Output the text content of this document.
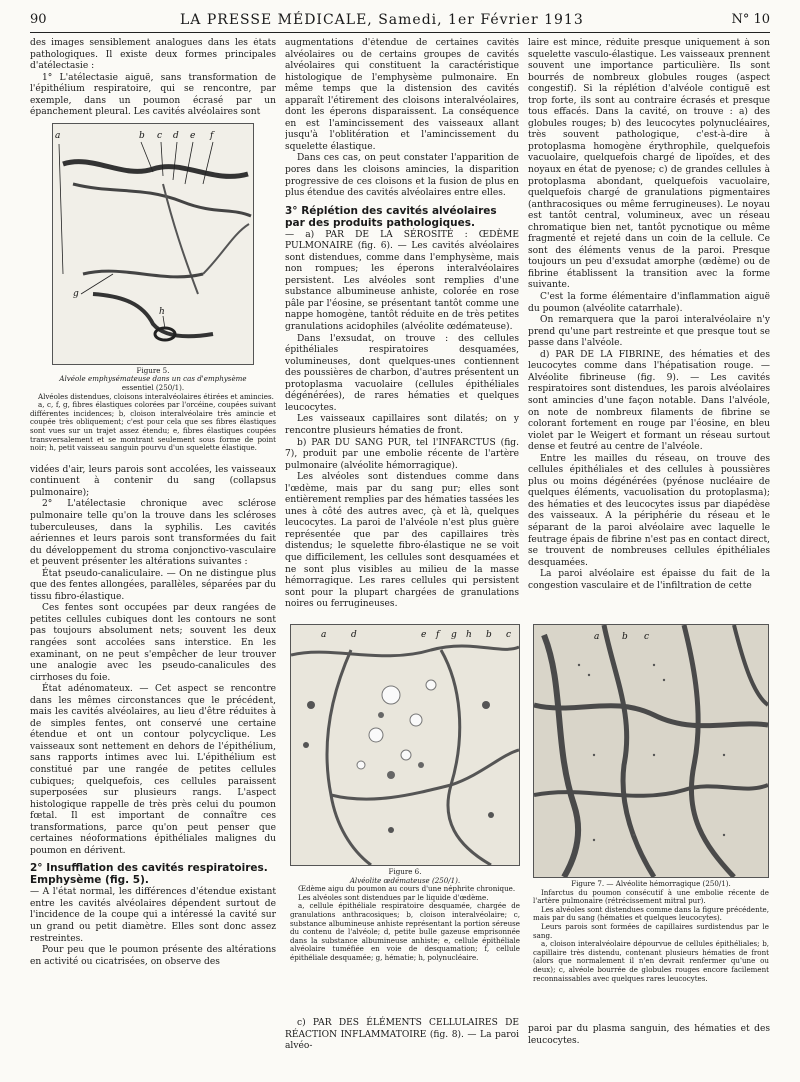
90	LA PRESSE MÉDICALE, Samedi, 1er Février 1913	N° 10

des images sensiblement analogues dans les états pathologiques. Il existe deux formes principales d'atélectasie :

1° L'atélectasie aiguë, sans transformation de l'épithélium respiratoire, qui se rencontre, par exemple, dans un poumon écrasé par un épanchement pleural. Les cavités alvéolaires sont

a	b c d e f
g
h

Figure 5.

Alvéole emphysémateuse dans un cas d'emphysème

essentiel (250/1).

Alvéoles distendues, cloisons interalvéolaires étirées et amincies.

a, c, f, g, fibres élastiques colorées par l'orcéine, coupées suivant différentes incidences; b, cloison interalvéolaire très amincie et coupée très obliquement; c'est pour cela que ses fibres élastiques sont vues sur un trajet assez étendu; e, fibres élastiques coupées transversalement et se montrant seulement sous forme de point noir; h, petit vaisseau sanguin pourvu d'un squelette élastique.

vidées d'air, leurs parois sont accolées, les vaisseaux continuent à contenir du sang (collapsus pulmonaire);

2° L'atélectasie chronique avec sclérose pulmonaire telle qu'on la trouve dans les scléroses tuberculeuses, dans la syphilis. Les cavités aériennes et leurs parois sont transformées du fait du développement du stroma conjonctivo-vasculaire et peuvent présenter les altérations suivantes :

État pseudo-canaliculaire. — On ne distingue plus que des fentes allongées, parallèles, séparées par du tissu fibro-élastique.

Ces fentes sont occupées par deux rangées de petites cellules cubiques dont les contours ne sont pas toujours absolument nets; souvent les deux rangées sont accolées sans interstice. En les examinant, on ne peut s'empêcher de leur trouver une analogie avec les pseudo-canalicules des cirrhoses du foie.

État adénomateux. — Cet aspect se rencontre dans les mêmes circonstances que le précédent, mais les cavités alvéolaires, au lieu d'être réduites à de simples fentes, ont conservé une certaine étendue et ont un contour polycyclique. Les vaisseaux sont nettement en dehors de l'épithélium, sans rapports intimes avec lui. L'épithélium est constitué par une rangée de petites cellules cubiques; quelquefois, ces cellules paraissent superposées sur plusieurs rangs. L'aspect histologique rappelle de très près celui du poumon fœtal. Il est important de connaître ces transformations, parce qu'on peut penser que certaines néoformations épithéliales malignes du poumon en dérivent.

2° Insufflation des cavités respiratoires. Emphysème (fig. 5).

— A l'état normal, les différences d'étendue existant entre les cavités alvéolaires dépendent surtout de l'incidence de la coupe qui a intéressé la cavité sur un grand ou petit diamètre. Elles sont donc assez restreintes.

Pour peu que le poumon présente des altérations en activité ou cicatrisées, on observe des

augmentations d'étendue de certaines cavités alvéolaires ou de certains groupes de cavités alvéolaires qui constituent la caractéristique histologique de l'emphysème pulmonaire. En même temps que la distension des cavités apparaît l'étirement des cloisons interalvéolaires, dont les éperons disparaissent. La conséquence en est l'amincissement des vaisseaux allant jusqu'à l'oblitération et l'amincissement du squelette élastique.

Dans ces cas, on peut constater l'apparition de pores dans les cloisons amincies, la disparition progressive de ces cloisons et la fusion de plus en plus étendue des cavités alvéolaires entre elles.

3° Réplétion des cavités alvéolaires par des produits pathologiques.

— a) PAR DE LA SÉROSITÉ : ŒDÈME PULMONAIRE (fig. 6). — Les cavités alvéolaires sont distendues, comme dans l'emphysème, mais non rompues; les éperons interalvéolaires persistent. Les alvéoles sont remplies d'une substance albumineuse anhiste, colorée en rose pâle par l'éosine, se présentant tantôt comme une nappe homogène, tantôt réduite en de très petites granulations acidophiles (alvéolite œdémateuse).

Dans l'exsudat, on trouve : des cellules épithéliales respiratoires desquamées, volumineuses, dont quelques-unes contiennent des poussières de charbon, d'autres présentent un protoplasma vacuolaire (cellules épithéliales dégénérées), de rares hématies et quelques leucocytes.

Les vaisseaux capillaires sont dilatés; on y rencontre plusieurs hématies de front.

b) PAR DU SANG PUR, tel l'INFARCTUS (fig. 7), produit par une embolie récente de l'artère pulmonaire (alvéolite hémorragique).

Les alvéoles sont distendues comme dans l'œdème, mais par du sang pur; elles sont entièrement remplies par des hématies tassées les unes à côté des autres avec, çà et là, quelques leucocytes. La paroi de l'alvéole n'est plus guère représentée que par des capillaires très distendus; le squelette fibro-élastique ne se voit que difficilement, les cellules sont desquamées et ne sont plus visibles au milieu de la masse hémorragique. Les rares cellules qui persistent sont pour la plupart chargées de granulations noires ou ferrugineuses.

laire est mince, réduite presque uniquement à son squelette vasculo-élastique. Les vaisseaux prennent souvent une importance particulière. Ils sont bourrés de nombreux globules rouges (aspect congestif). Si la réplétion d'alvéole contiguë est trop forte, ils sont au contraire écrasés et presque tous effacés. Dans la cavité, on trouve : a) des globules rouges; b) des leucocytes polynucléaires, très souvent pathologique, c'est-à-dire à protoplasma homogène érythrophile, quelquefois vacuolaire, quelquefois chargé de lipoïdes, et des noyaux en état de pyenose; c) de grandes cellules à protoplasma abondant, quelquefois vacuolaire, quelquefois chargé de granulations pigmentaires (anthracosiques ou même ferrugineuses). Le noyau est tantôt central, volumineux, avec un réseau chromatique bien net, tantôt pycnotique ou même fragmenté et rejeté dans un coin de la cellule. Ce sont des éléments venus de la paroi. Presque toujours un peu d'exsudat amorphe (œdème) ou de fibrine établissent la transition avec la forme suivante.

C'est la forme élémentaire d'inflammation aiguë du poumon (alvéolite catarrhale).

On remarquera que la paroi interalvéolaire n'y prend qu'une part restreinte et que presque tout se passe dans l'alvéole.

d) PAR DE LA FIBRINE, des hématies et des leucocytes comme dans l'hépatisation rouge. — Alvéolite fibrineuse (fig. 9). — Les cavités respiratoires sont distendues, les parois alvéolaires sont amincies d'une façon notable. Dans l'alvéole, on note de nombreux filaments de fibrine se colorant fortement en rouge par l'éosine, en bleu violet par le Weigert et formant un réseau surtout dense et feutré au centre de l'alvéole.

Entre les mailles du réseau, on trouve des cellules épithéliales et des cellules à poussières plus ou moins dégénérées (pyénose nucléaire de quelques éléments, vacuolisation du protoplasma); des hématies et des leucocytes issus par diapédèse des vaisseaux. A la périphérie du réseau et le séparant de la paroi alvéolaire avec laquelle le feutrage épais de fibrine n'est pas en contact direct, se trouvent de nombreuses cellules épithéliales desquamées.

La paroi alvéolaire est épaisse du fait de la congestion vasculaire et de l'infiltration de cette

a	d	e f g h b c

Figure 6.

Alvéolite œdémateuse (250/1).

Œdème aigu du poumon au cours d'une néphrite chronique.

Les alvéoles sont distendues par le liquide d'œdème.

a, cellule épithéliale respiratoire desquamée, chargée de granulations anthracosiques; b, cloison interalvéolaire; c, substance albumineuse anhiste représentant la portion séreuse du contenu de l'alvéole; d, petite bulle gazeuse emprisonnée dans la substance albumineuse anhiste; e, cellule épithéliale alvéolaire tuméfiée en voie de desquamation; f, cellule épithéliale desquamée; g, hématie; h, polynucléaire.

c) PAR DES ÉLÉMENTS CELLULAIRES DE RÉACTION INFLAMMATOIRE (fig. 8). — La paroi alvéo-

a	b c

Figure 7. — Alvéolite hémorragique (250/1).

Infarctus du poumon consécutif à une embolie récente de l'artère pulmonaire (rétrécissement mitral pur).

Les alvéoles sont distendues comme dans la figure précédente, mais par du sang (hématies et quelques leucocytes).

Leurs parois sont formées de capillaires surdistendus par le sang.

a, cloison interalvéolaire dépourvue de cellules épithéliales; b, capillaire très distendu, contenant plusieurs hématies de front (alors que normalement il n'en devrait renfermer qu'une ou deux); c, alvéole bourrée de globules rouges encore facilement reconnaissables avec quelques rares leucocytes.

paroi par du plasma sanguin, des hématies et des leucocytes.
